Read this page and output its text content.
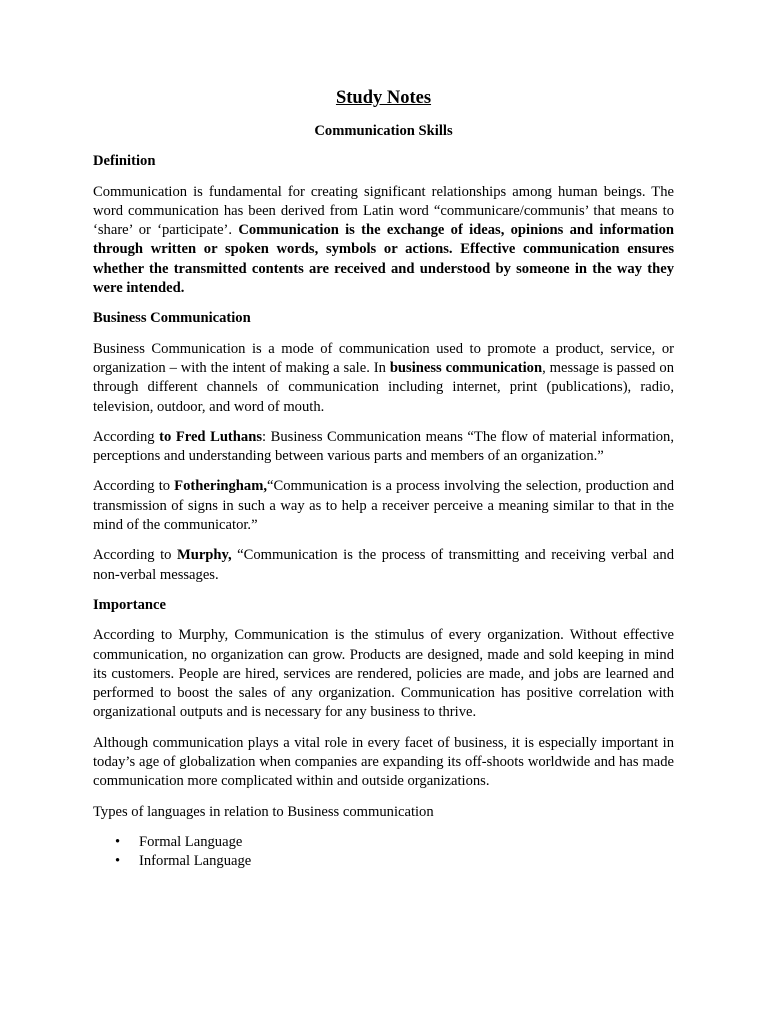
Study Notes
Communication Skills
Definition

Communication is fundamental for creating significant relationships among human beings. The word communication has been derived from Latin word “communicare/communis’ that means to ‘share’ or ‘participate’. Communication is the exchange of ideas, opinions and information through written or spoken words, symbols or actions. Effective communication ensures whether the transmitted contents are received and understood by someone in the way they were intended.

Business Communication

Business Communication is a mode of communication used to promote a product, service, or organization – with the intent of making a sale. In business communication, message is passed on through different channels of communication including internet, print (publications), radio, television, outdoor, and word of mouth.

According to Fred Luthans: Business Communication means “The flow of material information, perceptions and understanding between various parts and members of an organization.”

According to Fotheringham,“Communication is a process involving the selection, production and transmission of signs in such a way as to help a receiver perceive a meaning similar to that in the mind of the communicator.”

According to Murphy, “Communication is the process of transmitting and receiving verbal and non-verbal messages.

Importance

According to Murphy, Communication is the stimulus of every organization. Without effective communication, no organization can grow. Products are designed, made and sold keeping in mind its customers. People are hired, services are rendered, policies are made, and jobs are learned and performed to boost the sales of any organization. Communication has positive correlation with organizational outputs and is necessary for any business to thrive.

Although communication plays a vital role in every facet of business, it is especially important in today’s age of globalization when companies are expanding its off-shoots worldwide and has made communication more complicated within and outside organizations.

Types of languages in relation to Business communication

• Formal Language
• Informal Language
